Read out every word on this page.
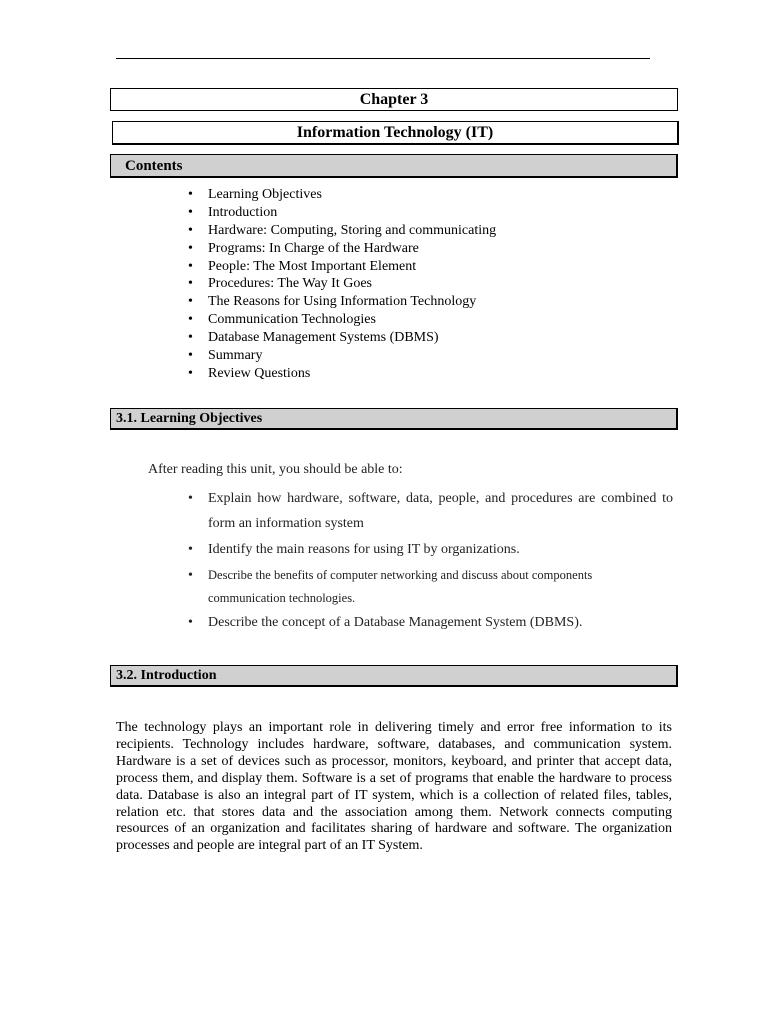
Chapter 3
Information Technology (IT)
Contents
• Learning Objectives
• Introduction
• Hardware: Computing, Storing and communicating
• Programs: In Charge of the Hardware
• People: The Most Important Element
• Procedures: The Way It Goes
• The Reasons for Using Information Technology
• Communication Technologies
• Database Management Systems (DBMS)
• Summary
• Review Questions
3.1. Learning Objectives
After reading this unit, you should be able to:
• Explain how hardware, software, data, people, and procedures are combined to form an information system
• Identify the main reasons for using IT by organizations.
• Describe the benefits of computer networking and discuss about components communication technologies.
• Describe the concept of a Database Management System (DBMS).
3.2. Introduction

The technology plays an important role in delivering timely and error free information to its recipients. Technology includes hardware, software, databases, and communication system. Hardware is a set of devices such as processor, monitors, keyboard, and printer that accept data, process them, and display them. Software is a set of programs that enable the hardware to process data. Database is also an integral part of IT system, which is a collection of related files, tables, relation etc. that stores data and the association among them. Network connects computing resources of an organization and facilitates sharing of hardware and software. The organization processes and people are integral part of an IT System.
